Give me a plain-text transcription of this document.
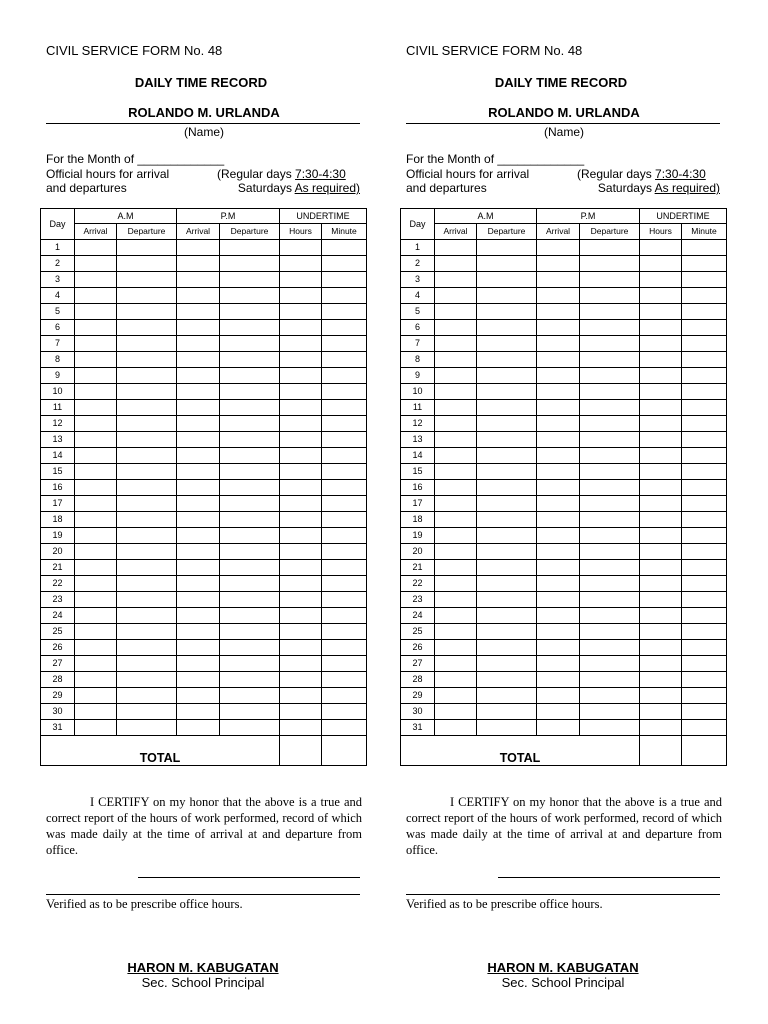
CIVIL SERVICE FORM No. 48
DAILY TIME RECORD
ROLANDO M. URLANDA
(Name)
For the Month of _____________
Official hours for arrival	(Regular days 7:30-4:30
and departures	Saturdays As required)
Day	A.M		P.M		UNDERTIME	
	Arrival	Departure	Arrival	Departure	Hours	Minute
1						
2						
3						
4						
5						
6						
7						
8						
9						
10						
11						
12						
13						
14						
15						
16						
17						
18						
19						
20						
21						
22						
23						
24						
25						
26						
27						
28						
29						
30						
31						
TOTAL						

I CERTIFY on my honor that the above is a true and correct report of the hours of work performed, record of which was made daily at the time of arrival at and departure from office.

Verified as to be prescribe office hours.
HARON M. KABUGATAN
Sec. School Principal
CIVIL SERVICE FORM No. 48
DAILY TIME RECORD
ROLANDO M. URLANDA
(Name)
For the Month of _____________
Official hours for arrival	(Regular days 7:30-4:30
and departures	Saturdays As required)
Day	A.M		P.M		UNDERTIME	
	Arrival	Departure	Arrival	Departure	Hours	Minute
1						
2						
3						
4						
5						
6						
7						
8						
9						
10						
11						
12						
13						
14						
15						
16						
17						
18						
19						
20						
21						
22						
23						
24						
25						
26						
27						
28						
29						
30						
31						
TOTAL						

I CERTIFY on my honor that the above is a true and correct report of the hours of work performed, record of which was made daily at the time of arrival at and departure from office.

Verified as to be prescribe office hours.
HARON M. KABUGATAN
Sec. School Principal
